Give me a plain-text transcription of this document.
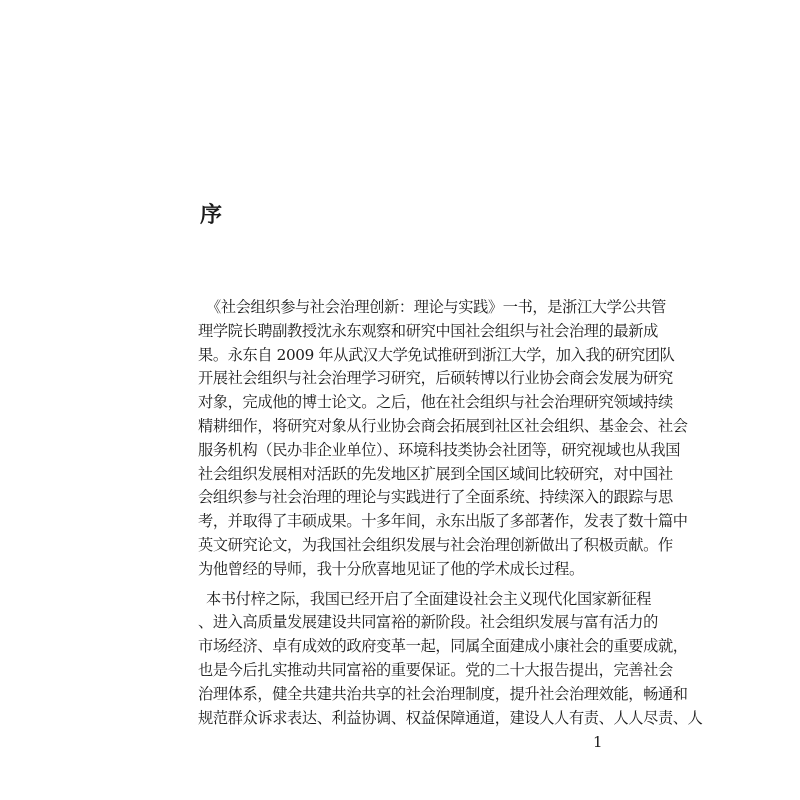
序
《社会组织参与社会治理创新：理论与实践》一书，是浙江大学公共管
理学院长聘副教授沈永东观察和研究中国社会组织与社会治理的最新成
果。永东自 2009 年从武汉大学免试推研到浙江大学，加入我的研究团队
开展社会组织与社会治理学习研究，后硕转博以行业协会商会发展为研究
对象，完成他的博士论文。之后，他在社会组织与社会治理研究领域持续
精耕细作，将研究对象从行业协会商会拓展到社区社会组织、基金会、社会
服务机构（民办非企业单位）、环境科技类协会社团等，研究视域也从我国
社会组织发展相对活跃的先发地区扩展到全国区域间比较研究，对中国社
会组织参与社会治理的理论与实践进行了全面系统、持续深入的跟踪与思
考，并取得了丰硕成果。十多年间，永东出版了多部著作，发表了数十篇中
英文研究论文，为我国社会组织发展与社会治理创新做出了积极贡献。作
为他曾经的导师，我十分欣喜地见证了他的学术成长过程。
本书付梓之际，我国已经开启了全面建设社会主义现代化国家新征程
、进入高质量发展建设共同富裕的新阶段。社会组织发展与富有活力的
市场经济、卓有成效的政府变革一起，同属全面建成小康社会的重要成就，
也是今后扎实推动共同富裕的重要保证。党的二十大报告提出，完善社会
治理体系，健全共建共治共享的社会治理制度，提升社会治理效能，畅通和
规范群众诉求表达、利益协调、权益保障通道，建设人人有责、人人尽责、人
1
